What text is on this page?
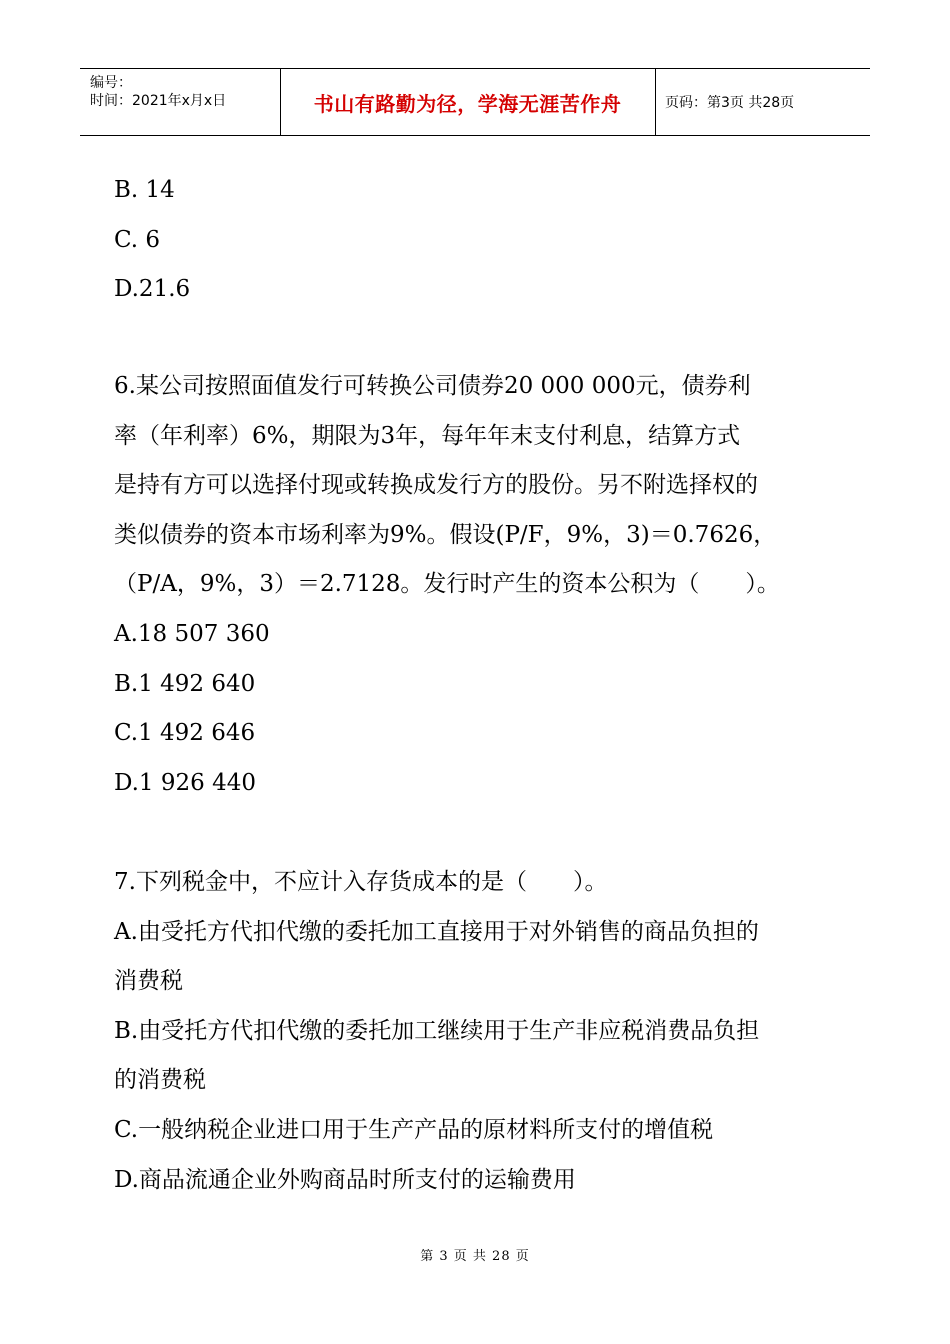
编号：
时间：2021年x月x日	书山有路勤为径，学海无涯苦作舟	页码：第3页 共28页
B. 14
C. 6
D.21.6
6.某公司按照面值发行可转换公司债券20 000 000元，债券利
率（年利率）6%，期限为3年，每年年末支付利息，结算方式
是持有方可以选择付现或转换成发行方的股份。另不附选择权的
类似债券的资本市场利率为9%。假设(P/F，9%，3)＝0.7626，
（P/A，9%，3）＝2.7128。发行时产生的资本公积为（　　）。
A.18 507 360
B.1 492 640
C.1 492 646
D.1 926 440
7.下列税金中，不应计入存货成本的是（　　）。
A.由受托方代扣代缴的委托加工直接用于对外销售的商品负担的
消费税
B.由受托方代扣代缴的委托加工继续用于生产非应税消费品负担
的消费税
C.一般纳税企业进口用于生产产品的原材料所支付的增值税
D.商品流通企业外购商品时所支付的运输费用
第 3 页 共 28 页
